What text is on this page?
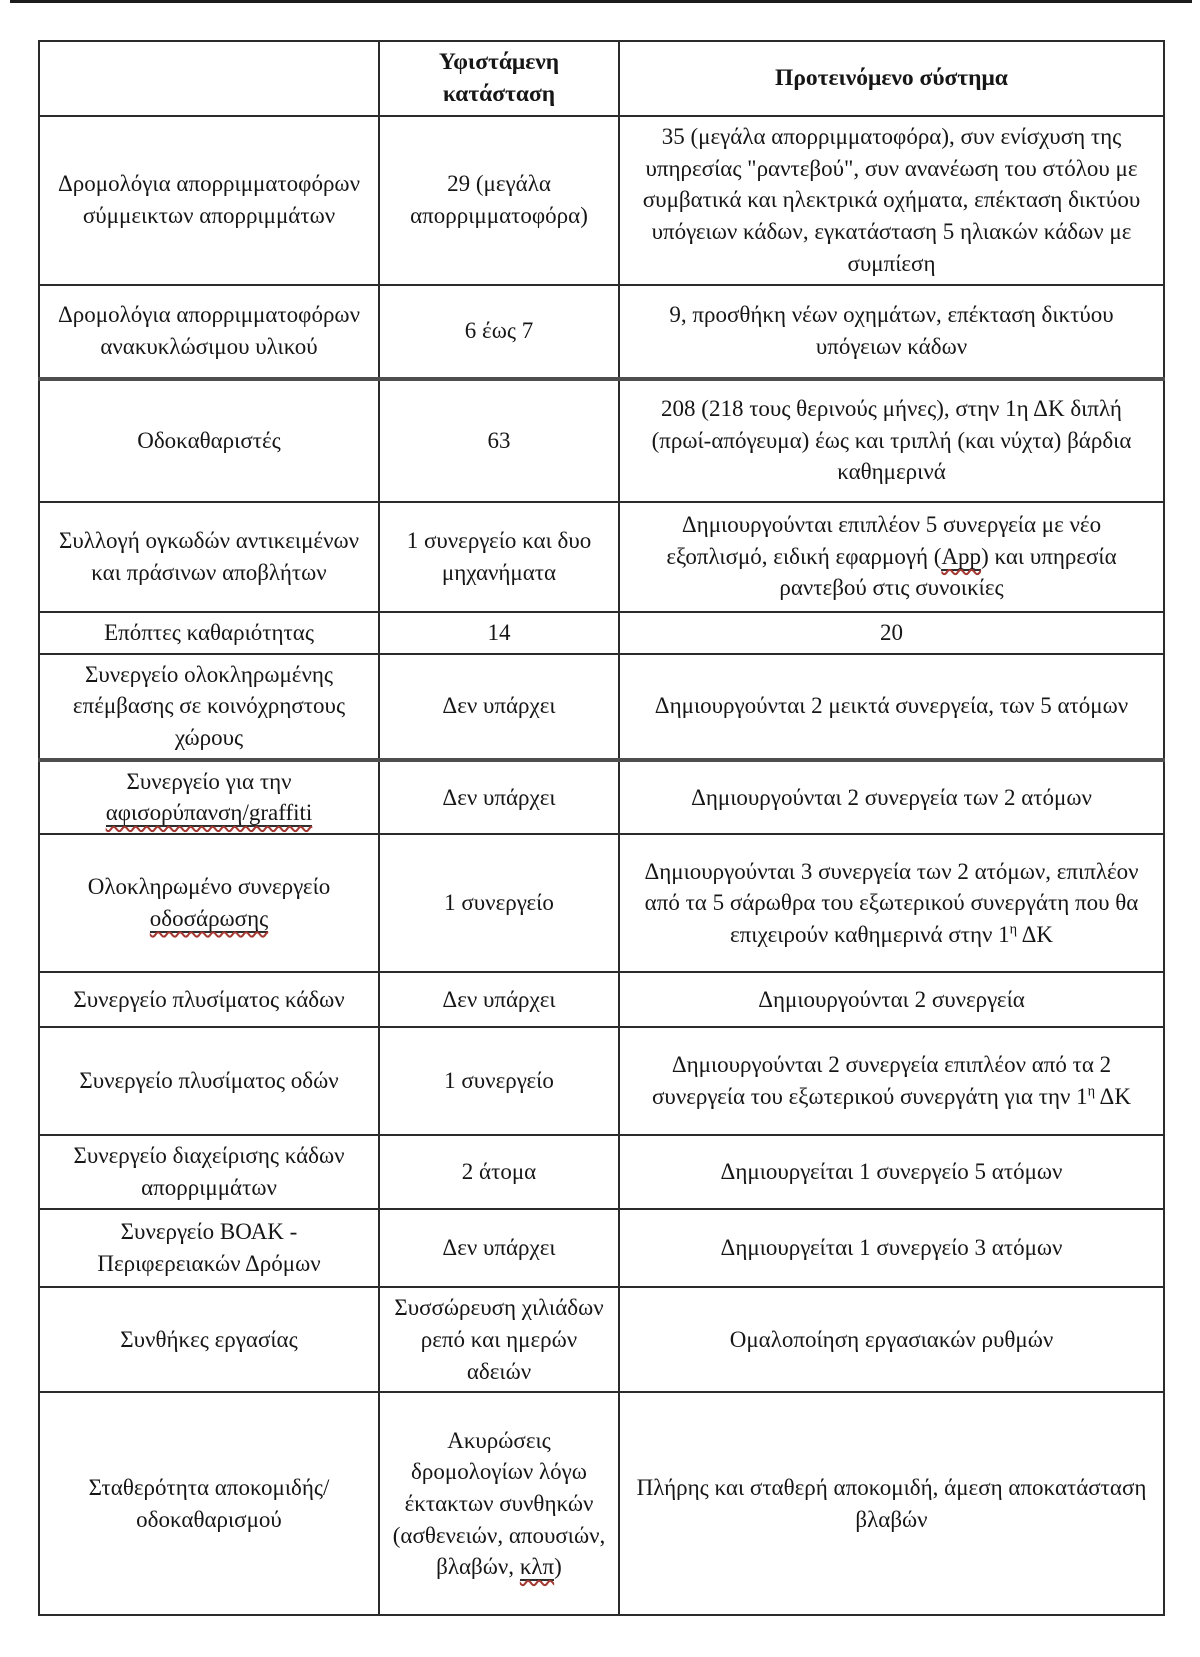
	Υφιστάμενη κατάσταση	Προτεινόμενο σύστημα
Δρομολόγια απορριμματοφόρων σύμμεικτων απορριμμάτων	29 (μεγάλα απορριμματοφόρα)	35 (μεγάλα απορριμματοφόρα), συν ενίσχυση της υπηρεσίας "ραντεβού", συν ανανέωση του στόλου με συμβατικά και ηλεκτρικά οχήματα, επέκταση δικτύου υπόγειων κάδων, εγκατάσταση 5 ηλιακών κάδων με συμπίεση
Δρομολόγια απορριμματοφόρων ανακυκλώσιμου υλικού	6 έως 7	9, προσθήκη νέων οχημάτων, επέκταση δικτύου υπόγειων κάδων
Οδοκαθαριστές	63	208 (218 τους θερινούς μήνες), στην 1η ΔΚ διπλή (πρωί-απόγευμα) έως και τριπλή (και νύχτα) βάρδια καθημερινά
Συλλογή ογκωδών αντικειμένων και πράσινων αποβλήτων	1 συνεργείο και δυο μηχανήματα	Δημιουργούνται επιπλέον 5 συνεργεία με νέο εξοπλισμό, ειδική εφαρμογή (App) και υπηρεσία ραντεβού στις συνοικίες
Επόπτες καθαριότητας	14	20
Συνεργείο ολοκληρωμένης επέμβασης σε κοινόχρηστους χώρους	Δεν υπάρχει	Δημιουργούνται 2 μεικτά συνεργεία, των 5 ατόμων
Συνεργείο για την αφισορύπανση/graffiti	Δεν υπάρχει	Δημιουργούνται 2 συνεργεία των 2 ατόμων
Ολοκληρωμένο συνεργείο οδοσάρωσης	1 συνεργείο	Δημιουργούνται 3 συνεργεία των 2 ατόμων, επιπλέον από τα 5 σάρωθρα του εξωτερικού συνεργάτη που θα επιχειρούν καθημερινά στην $1^\eta$ ΔΚ
Συνεργείο πλυσίματος κάδων	Δεν υπάρχει	Δημιουργούνται 2 συνεργεία
Συνεργείο πλυσίματος οδών	1 συνεργείο	Δημιουργούνται 2 συνεργεία επιπλέον από τα 2 συνεργεία του εξωτερικού συνεργάτη για την $1^\eta$ ΔΚ
Συνεργείο διαχείρισης κάδων απορριμμάτων	2 άτομα	Δημιουργείται 1 συνεργείο 5 ατόμων
Συνεργείο ΒΟΑΚ - Περιφερειακών Δρόμων	Δεν υπάρχει	Δημιουργείται 1 συνεργείο 3 ατόμων
Συνθήκες εργασίας	Συσσώρευση χιλιάδων ρεπό και ημερών αδειών	Ομαλοποίηση εργασιακών ρυθμών
Σταθερότητα αποκομιδής/οδοκαθαρισμού	Ακυρώσεις δρομολογίων λόγω έκτακτων συνθηκών (ασθενειών, απουσιών, βλαβών, κλπ)	Πλήρης και σταθερή αποκομιδή, άμεση αποκατάσταση βλαβών
